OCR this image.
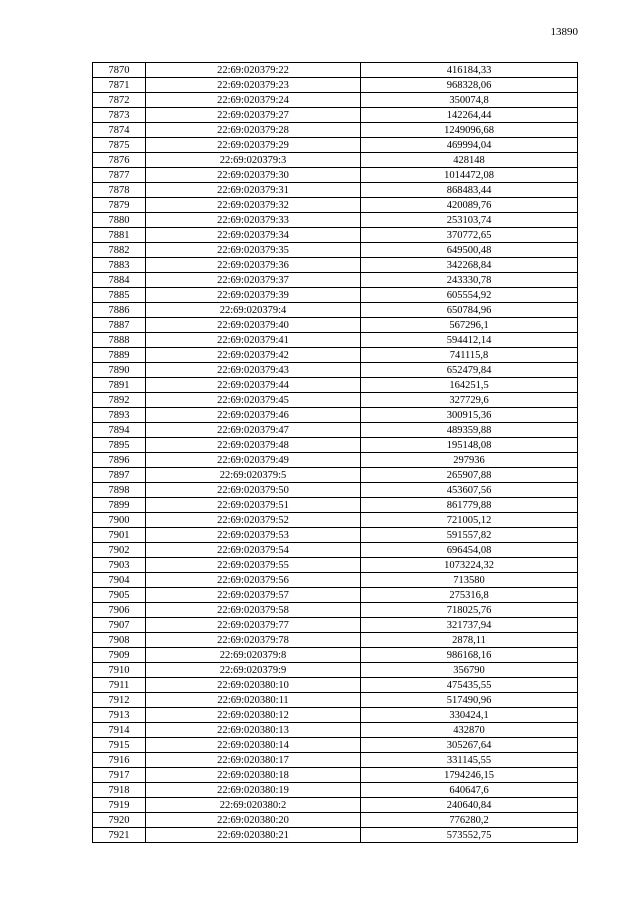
13890
7870	22:69:020379:22	416184,33
7871	22:69:020379:23	968328,06
7872	22:69:020379:24	350074,8
7873	22:69:020379:27	142264,44
7874	22:69:020379:28	1249096,68
7875	22:69:020379:29	469994,04
7876	22:69:020379:3	428148
7877	22:69:020379:30	1014472,08
7878	22:69:020379:31	868483,44
7879	22:69:020379:32	420089,76
7880	22:69:020379:33	253103,74
7881	22:69:020379:34	370772,65
7882	22:69:020379:35	649500,48
7883	22:69:020379:36	342268,84
7884	22:69:020379:37	243330,78
7885	22:69:020379:39	605554,92
7886	22:69:020379:4	650784,96
7887	22:69:020379:40	567296,1
7888	22:69:020379:41	594412,14
7889	22:69:020379:42	741115,8
7890	22:69:020379:43	652479,84
7891	22:69:020379:44	164251,5
7892	22:69:020379:45	327729,6
7893	22:69:020379:46	300915,36
7894	22:69:020379:47	489359,88
7895	22:69:020379:48	195148,08
7896	22:69:020379:49	297936
7897	22:69:020379:5	265907,88
7898	22:69:020379:50	453607,56
7899	22:69:020379:51	861779,88
7900	22:69:020379:52	721005,12
7901	22:69:020379:53	591557,82
7902	22:69:020379:54	696454,08
7903	22:69:020379:55	1073224,32
7904	22:69:020379:56	713580
7905	22:69:020379:57	275316,8
7906	22:69:020379:58	718025,76
7907	22:69:020379:77	321737,94
7908	22:69:020379:78	2878,11
7909	22:69:020379:8	986168,16
7910	22:69:020379:9	356790
7911	22:69:020380:10	475435,55
7912	22:69:020380:11	517490,96
7913	22:69:020380:12	330424,1
7914	22:69:020380:13	432870
7915	22:69:020380:14	305267,64
7916	22:69:020380:17	331145,55
7917	22:69:020380:18	1794246,15
7918	22:69:020380:19	640647,6
7919	22:69:020380:2	240640,84
7920	22:69:020380:20	776280,2
7921	22:69:020380:21	573552,75
